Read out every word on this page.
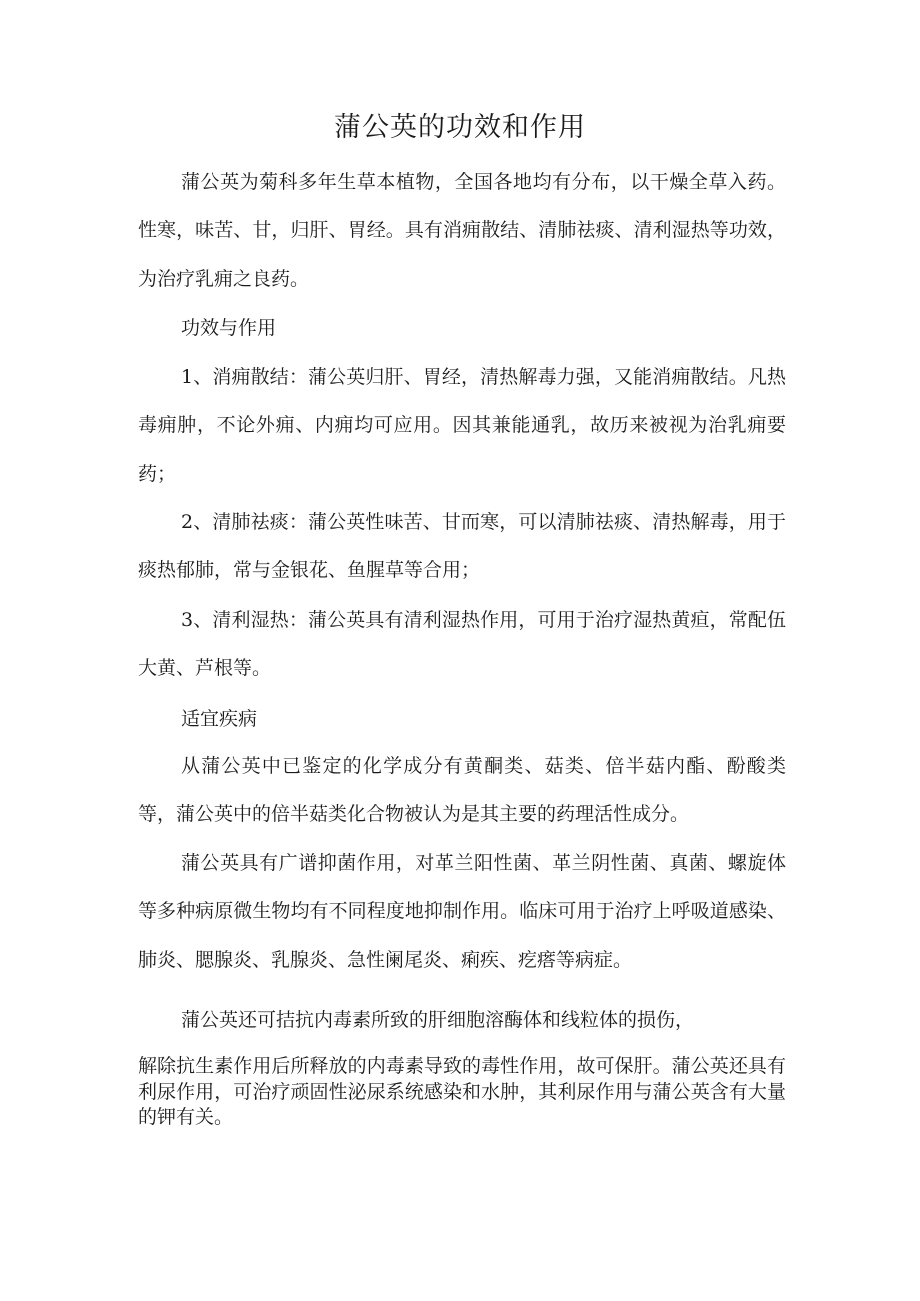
蒲公英的功效和作用

蒲公英为菊科多年生草本植物，全国各地均有分布，以干燥全草入药。性寒，味苦、甘，归肝、胃经。具有消痈散结、清肺祛痰、清利湿热等功效，为治疗乳痈之良药。

功效与作用

1、消痈散结：蒲公英归肝、胃经，清热解毒力强，又能消痈散结。凡热毒痈肿，不论外痈、内痈均可应用。因其兼能通乳，故历来被视为治乳痈要药；

2、清肺祛痰：蒲公英性味苦、甘而寒，可以清肺祛痰、清热解毒，用于痰热郁肺，常与金银花、鱼腥草等合用；

3、清利湿热：蒲公英具有清利湿热作用，可用于治疗湿热黄疸，常配伍大黄、芦根等。

适宜疾病

从蒲公英中已鉴定的化学成分有黄酮类、菇类、倍半菇内酯、酚酸类等，蒲公英中的倍半菇类化合物被认为是其主要的药理活性成分。

蒲公英具有广谱抑菌作用，对革兰阳性菌、革兰阴性菌、真菌、螺旋体等多种病原微生物均有不同程度地抑制作用。临床可用于治疗上呼吸道感染、肺炎、腮腺炎、乳腺炎、急性阑尾炎、痢疾、疙瘩等病症。

蒲公英还可拮抗内毒素所致的肝细胞溶酶体和线粒体的损伤，

解除抗生素作用后所释放的内毒素导致的毒性作用，故可保肝。蒲公英还具有利尿作用，可治疗顽固性泌尿系统感染和水肿，其利尿作用与蒲公英含有大量的钾有关。
